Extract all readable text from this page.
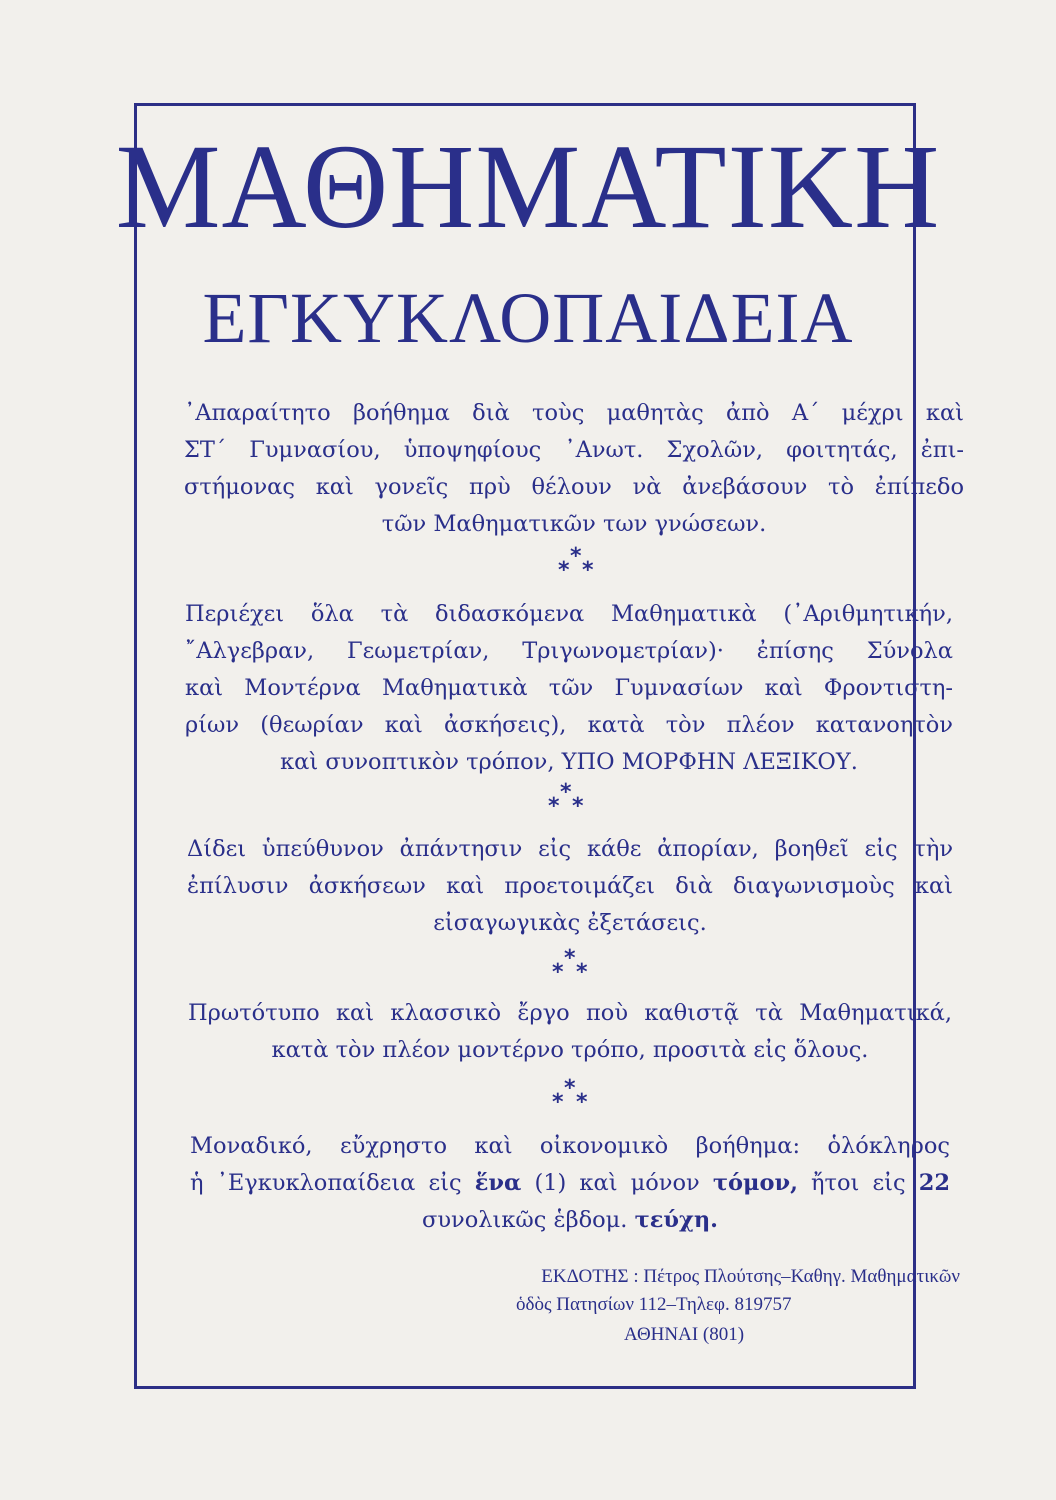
ΜΑΘΗΜΑΤΙΚΗ
ΕΓΚΥΚΛΟΠΑΙΔΕΙΑ

᾿Απαραίτητο βοήθημα διὰ τοὺς μαθητὰς ἀπὸ Α΄ μέχρι καὶ
ΣΤ΄ Γυμνασίου, ὑποψηφίους ᾿Ανωτ. Σχολῶν, φοιτητάς, ἐπι-
στήμονας καὶ γονεῖς πρὺ θέλουν νὰ ἀνεβάσουν τὸ ἐπίπεδο
τῶν Μαθηματικῶν των γνώσεων.

*
* *

Περιέχει ὅλα τὰ διδασκόμενα Μαθηματικὰ (᾿Αριθμητικήν,
῎Αλγεβραν, Γεωμετρίαν, Τριγωνομετρίαν)· ἐπίσης Σύνολα
καὶ Μοντέρνα Μαθηματικὰ τῶν Γυμνασίων καὶ Φροντιστη-
ρίων (θεωρίαν καὶ ἀσκήσεις), κατὰ τὸν πλέον κατανοητὸν
καὶ συνοπτικὸν τρόπον, ΥΠΟ ΜΟΡΦΗΝ ΛΕΞΙΚΟΥ.

*
* *

Δίδει ὑπεύθυνον ἀπάντησιν εἰς κάθε ἀπορίαν, βοηθεῖ εἰς τὴν
ἐπίλυσιν ἀσκήσεων καὶ προετοιμάζει διὰ διαγωνισμοὺς καὶ
εἰσαγωγικὰς ἐξετάσεις.

*
* *

Πρωτότυπο καὶ κλασσικὸ ἔργο ποὺ καθιστᾷ τὰ Μαθηματικά,
κατὰ τὸν πλέον μοντέρνο τρόπο, προσιτὰ εἰς ὅλους.

*
* *

Μοναδικό, εὔχρηστο καὶ οἰκονομικὸ βοήθημα: ὁλόκληρος
ἡ ᾿Εγκυκλοπαίδεια εἰς ἕνα (1) καὶ μόνον τόμον, ἤτοι εἰς 22
συνολικῶς ἑβδομ. τεύχη.

ΕΚΔΟΤΗΣ : Πέτρος Πλούτσης–Καθηγ. Μαθηματικῶν
ὁδὸς Πατησίων 112–Τηλεφ. 819757
ΑΘΗΝΑΙ (801)
